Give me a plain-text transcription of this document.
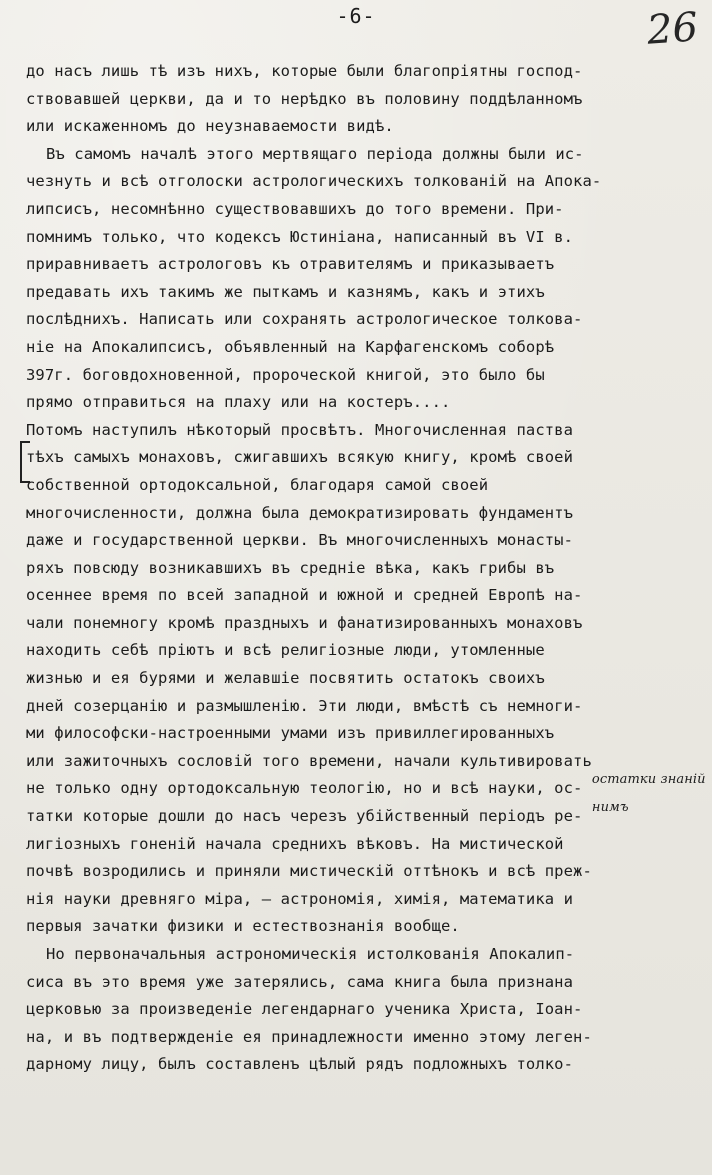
-6-	26
до насъ лишь тѣ изъ нихъ, которые были благопріятны господ-
ствовавшей церкви, да и то нерѣдко въ половину поддѣланномъ
или искаженномъ до неузнаваемости видѣ.
Въ самомъ началѣ этого мертвящаго періода должны были ис-
чезнуть и всѣ отголоски астрологическихъ толкованій на Апока-
липсисъ, несомнѣнно существовавшихъ до того времени. При-
помнимъ только, что кодексъ Юстиніана, написанный въ VI в.
приравниваетъ астрологовъ къ отравителямъ и приказываетъ
предавать ихъ такимъ же пыткамъ и казнямъ, какъ и этихъ
послѣднихъ. Написать или сохранять астрологическое толкова-
ніе на Апокалипсисъ, объявленный на Карфагенскомъ соборѣ
397г. боговдохновенной, пророческой книгой, это было бы
прямо отправиться на плаху или на костеръ....
Потомъ наступилъ нѣкоторый просвѣтъ. Многочисленная паства
тѣхъ самыхъ монаховъ, сжигавшихъ всякую книгу, кромѣ своей
собственной ортодоксальной, благодаря самой своей
многочисленности, должна была демократизировать фундаментъ
даже и государственной церкви. Въ многочисленныхъ монасты-
ряхъ повсюду возникавшихъ въ средніе вѣка, какъ грибы въ
осеннее время по всей западной и южной и средней Европѣ на-
чали понемногу кромѣ праздныхъ и фанатизированныхъ монаховъ
находить себѣ пріютъ и всѣ религіозные люди, утомленные
жизнью и ея бурями и желавшіе посвятить остатокъ своихъ
дней созерцанію и размышленію. Эти люди, вмѣстѣ съ немноги-
ми философски-настроенными умами изъ привиллегированныхъ
или зажиточныхъ сословій того времени, начали культивировать
не только одну ортодоксальную теологію, но и всѣ науки, ос- $^{остатки знаній}$
татки которые дошли до насъ черезъ убійственный періодъ ре- $^{нимъ}$
лигіозныхъ гоненій начала среднихъ вѣковъ. На мистической
почвѣ возродились и приняли мистическій оттѣнокъ и всѣ преж-
нія науки древняго міра, — астрономія, химія, математика и
первыя зачатки физики и естествознанія вообще.
Но первоначальныя астрономическія истолкованія Апокалип-
сиса въ это время уже затерялись, сама книга была признана
церковью за произведеніе легендарнаго ученика Христа, Іоан-
на, и въ подтвержденіе ея принадлежности именно этому леген-
дарному лицу, былъ составленъ цѣлый рядъ подложныхъ толко-
